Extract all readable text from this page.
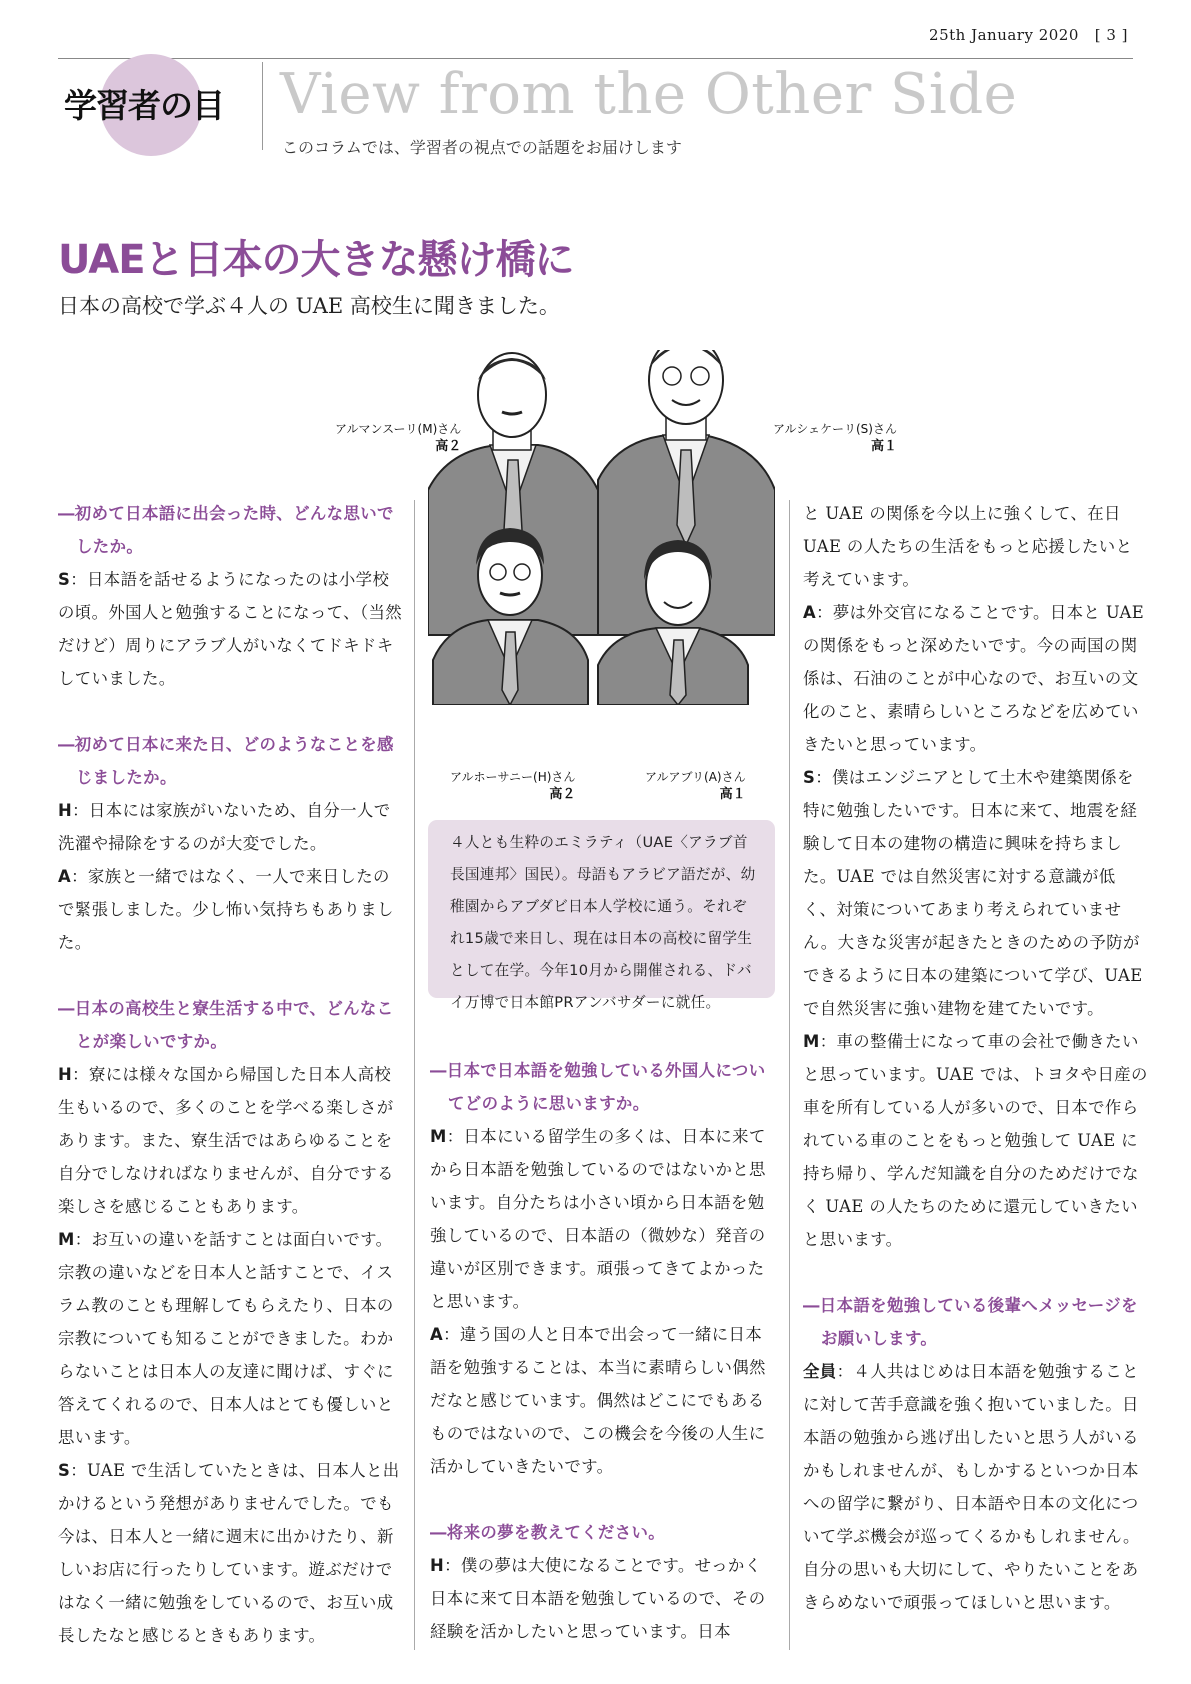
25th January 2020 [ 3 ]
学習者の目 View from the Other Side
このコラムでは、学習者の視点での話題をお届けします
UAEと日本の大きな懸け橋に
日本の高校で学ぶ４人の UAE 高校生に聞きました。
アルマンスーリ(M)さん
高２
アルシェケーリ(S)さん
高１
アルホーサニー(H)さん
高２
アルアブリ(A)さん
高１
４人とも生粋のエミラティ（UAE〈アラブ首長国連邦〉国民）。母語もアラビア語だが、幼稚園からアブダビ日本人学校に通う。それぞれ15歳で来日し、現在は日本の高校に留学生として在学。今年10月から開催される、ドバイ万博で日本館PRアンバサダーに就任。

―初めて日本語に出会った時、どんな思いでしたか。

S：日本語を話せるようになったのは小学校の頃。外国人と勉強することになって、（当然だけど）周りにアラブ人がいなくてドキドキしていました。

―初めて日本に来た日、どのようなことを感じましたか。

H：日本には家族がいないため、自分一人で洗濯や掃除をするのが大変でした。

A：家族と一緒ではなく、一人で来日したので緊張しました。少し怖い気持ちもありました。

―日本の高校生と寮生活する中で、どんなことが楽しいですか。

H：寮には様々な国から帰国した日本人高校生もいるので、多くのことを学べる楽しさがあります。また、寮生活ではあらゆることを自分でしなければなりませんが、自分でする楽しさを感じることもあります。

M：お互いの違いを話すことは面白いです。宗教の違いなどを日本人と話すことで、イスラム教のことも理解してもらえたり、日本の宗教についても知ることができました。わからないことは日本人の友達に聞けば、すぐに答えてくれるので、日本人はとても優しいと思います。

S：UAE で生活していたときは、日本人と出かけるという発想がありませんでした。でも今は、日本人と一緒に週末に出かけたり、新しいお店に行ったりしています。遊ぶだけではなく一緒に勉強をしているので、お互い成長したなと感じるときもあります。

―日本で日本語を勉強している外国人についてどのように思いますか。

M：日本にいる留学生の多くは、日本に来てから日本語を勉強しているのではないかと思います。自分たちは小さい頃から日本語を勉強しているので、日本語の（微妙な）発音の違いが区別できます。頑張ってきてよかったと思います。

A：違う国の人と日本で出会って一緒に日本語を勉強することは、本当に素晴らしい偶然だなと感じています。偶然はどこにでもあるものではないので、この機会を今後の人生に活かしていきたいです。

―将来の夢を教えてください。

H：僕の夢は大使になることです。せっかく日本に来て日本語を勉強しているので、その経験を活かしたいと思っています。日本

と UAE の関係を今以上に強くして、在日 UAE の人たちの生活をもっと応援したいと考えています。

A：夢は外交官になることです。日本と UAE の関係をもっと深めたいです。今の両国の関係は、石油のことが中心なので、お互いの文化のこと、素晴らしいところなどを広めていきたいと思っています。

S：僕はエンジニアとして土木や建築関係を特に勉強したいです。日本に来て、地震を経験して日本の建物の構造に興味を持ちました。UAE では自然災害に対する意識が低く、対策についてあまり考えられていません。大きな災害が起きたときのための予防ができるように日本の建築について学び、UAE で自然災害に強い建物を建てたいです。

M：車の整備士になって車の会社で働きたいと思っています。UAE では、トヨタや日産の車を所有している人が多いので、日本で作られている車のことをもっと勉強して UAE に持ち帰り、学んだ知識を自分のためだけでなく UAE の人たちのために還元していきたいと思います。

―日本語を勉強している後輩へメッセージをお願いします。

全員：４人共はじめは日本語を勉強することに対して苦手意識を強く抱いていました。日本語の勉強から逃げ出したいと思う人がいるかもしれませんが、もしかするといつか日本への留学に繋がり、日本語や日本の文化について学ぶ機会が巡ってくるかもしれません。自分の思いも大切にして、やりたいことをあきらめないで頑張ってほしいと思います。
